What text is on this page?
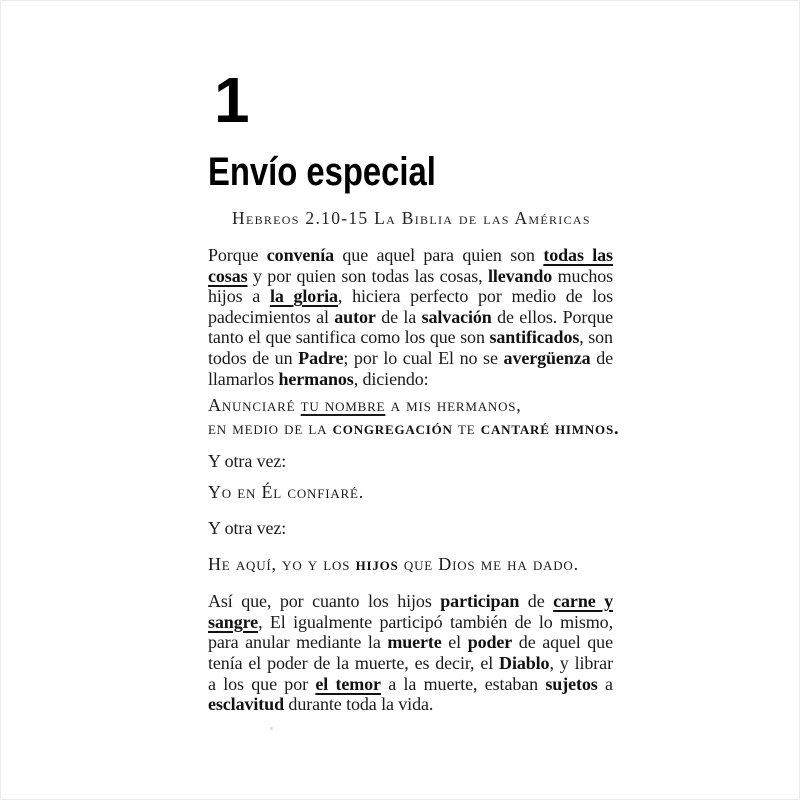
1
Envío especial
Hebreos 2.10-15 La Biblia de las Américas
Porque convenía que aquel para quien son todas las
cosas y por quien son todas las cosas, llevando muchos
hijos a la gloria, hiciera perfecto por medio de los
padecimientos al autor de la salvación de ellos. Porque
tanto el que santifica como los que son santificados, son
todos de un Padre; por lo cual El no se avergüenza de
llamarlos hermanos, diciendo:
Anunciaré tu nombre a mis hermanos,
en medio de la congregación te cantaré himnos.
Y otra vez:
Yo en Él confiaré.
Y otra vez:
He aquí, yo y los hijos que Dios me ha dado.
Así que, por cuanto los hijos participan de carne y
sangre, El igualmente participó también de lo mismo,
para anular mediante la muerte el poder de aquel que
tenía el poder de la muerte, es decir, el Diablo, y librar
a los que por el temor a la muerte, estaban sujetos a
esclavitud durante toda la vida.
